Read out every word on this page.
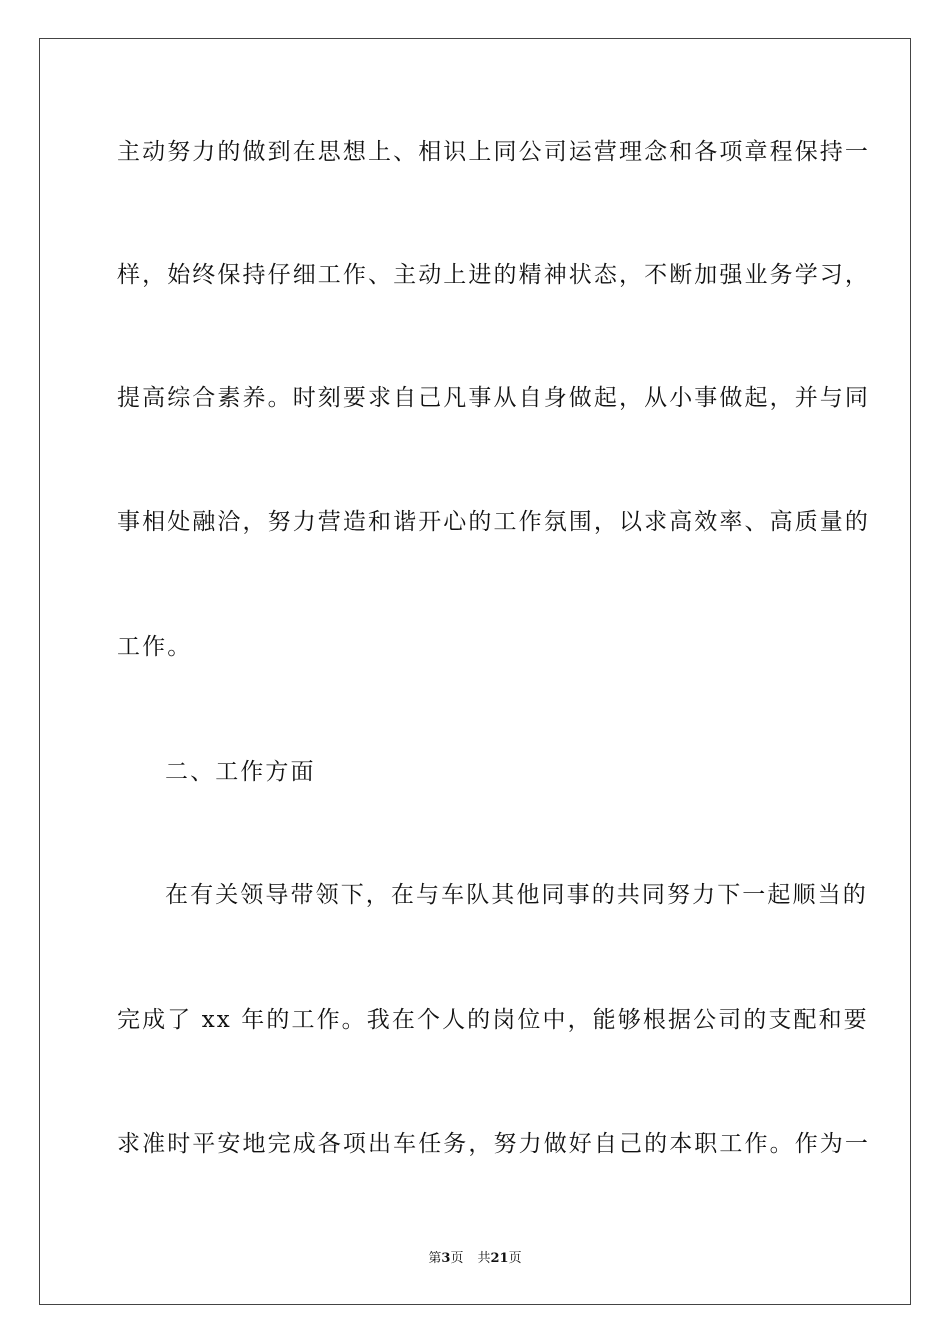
主动努力的做到在思想上、相识上同公司运营理念和各项章程保持一
样，始终保持仔细工作、主动上进的精神状态，不断加强业务学习，
提高综合素养。时刻要求自己凡事从自身做起，从小事做起，并与同
事相处融洽，努力营造和谐开心的工作氛围，以求高效率、高质量的
工作。
二、工作方面
在有关领导带领下，在与车队其他同事的共同努力下一起顺当的
完成了 xx 年的工作。我在个人的岗位中，能够根据公司的支配和要
求准时平安地完成各项出车任务，努力做好自己的本职工作。作为一
第3页 共21页
